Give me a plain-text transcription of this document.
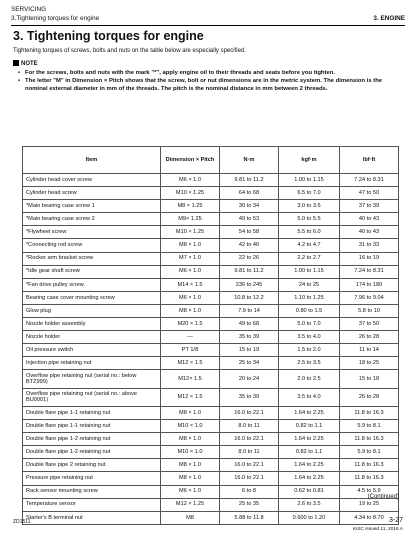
SERVICING
3.Tightening torques for engine	3. ENGINE
3. Tightening torques for engine
Tightening torques of screws, bolts and nuts on the table below are especially specified.
NOTE
• For the screws, bolts and nuts with the mark "*", apply engine oil to their threads and seats before you tighten.
• The letter "M" in Dimension × Pitch shows that the screw, bolt or nut dimensions are in the metric system. The dimension is the nominal external diameter in mm of the threads. The pitch is the nominal distance in mm between 2 threads.
Item	Dimension × Pitch	N·m	kgf·m	lbf·ft
Cylinder head cover screw	M6 × 1.0	9.81 to 11.2	1.00 to 1.15	7.24 to 8.31
Cylinder head screw	M10 × 1.25	64 to 68	6.5 to 7.0	47 to 50
*Main bearing case screw 1	M8 × 1.25	30 to 34	3.0 to 3.5	37 to 39
*Main bearing case screw 2	M9× 1.25	49 to 53	5.0 to 5.5	40 to 43
*Flywheel screw	M10 × 1.25	54 to 58	5.5 to 6.0	40 to 43
*Connecting rod screw	M8 × 1.0	42 to 46	4.2 to 4.7	31 to 33
*Rocker arm bracket screw	M7 × 1.0	22 to 26	2.2 to 2.7	16 to 19
*Idle gear shaft screw	M6 × 1.0	9.81 to 11.2	1.00 to 1.15	7.24 to 8.31
*Fan drive pulley screw	M14 × 1.5	236 to 245	24 to 25	174 to 180
Bearing case cover mounting screw	M6 × 1.0	10.8 to 12.2	1.10 to 1.25	7.96 to 9.04
Glow plug	M8 × 1.0	7.9 to 14	0.80 to 1.5	5.8 to 10
Nozzle holder assembly	M20 × 1.5	49 to 68	5.0 to 7.0	37 to 50
Nozzle holder	—	35 to 39	3.5 to 4.0	26 to 28
Oil pressure switch	PT 1/8	15 to 19	1.5 to 2.0	11 to 14
Injection pipe retaining nut	M12 × 1.5	25 to 34	2.5 to 3.5	18 to 25
Overflow pipe retaining nut (serial no.: below BTZ999)	M12× 1.5	20 to 24	2.0 to 2.5	15 to 18
Overflow pipe retaining nut (serial no.: above BU0001)	M12 × 1.5	35 to 39	3.5 to 4.0	26 to 28
Double flare pipe 1-1 retaining nut	M8 × 1.0	16.0 to 22.1	1.64 to 2.25	11.8 to 16.3
Double flare pipe 1-1 retaining nut	M10 × 1.0	8.0 to 11	0.82 to 1.1	5.9 to 8.1
Double flare pipe 1-2 retaining nut	M8 × 1.0	16.0 to 22.1	1.64 to 2.25	11.8 to 16.3
Double flare pipe 1-2 retaining nut	M10 × 1.0	8.0 to 11	0.82 to 1.1	5.9 to 8.1
Double flare pipe 2 retaining nut	M8 × 1.0	16.0 to 22.1	1.64 to 2.25	11.8 to 16.3
Pressure pipe retaining nut	M8 × 1.0	16.0 to 22.1	1.64 to 2.25	11.8 to 16.3
Rack sensor mounting screw	M6 × 1.0	6 to 8	0.62 to 0.81	4.5 to 5.9
Temperature sensor	M12 × 1.25	25 to 35	2.6 to 3.5	19 to 25
Starter's B terminal nut	M8	5.88 to 11.8	0.600 to 1.20	4.34 to 8.70
(Continued)
ZD1511	3-27
KiSC issued 11, 2016 A
